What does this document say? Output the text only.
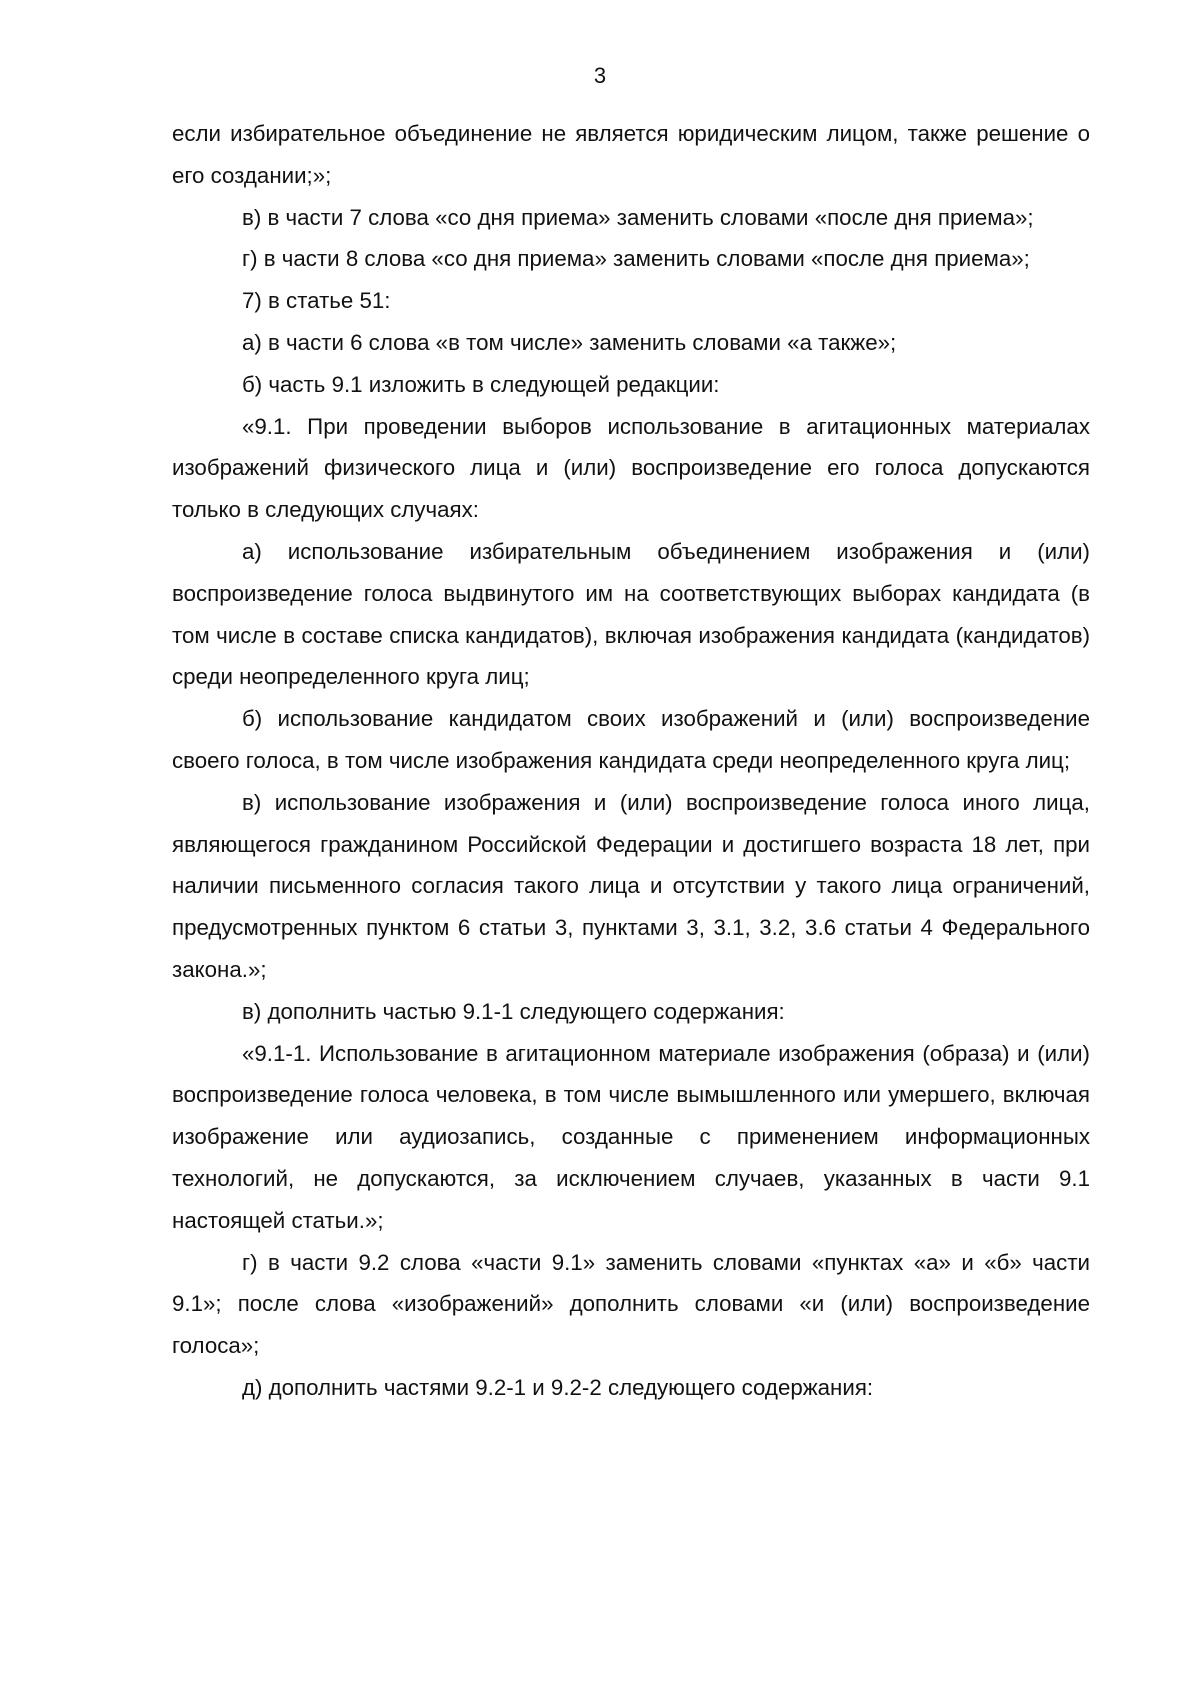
3

если избирательное объединение не является юридическим лицом, также решение о его создании;»;

в) в части 7 слова «со дня приема» заменить словами «после дня приема»;

г) в части 8 слова «со дня приема» заменить словами «после дня приема»;

7) в статье 51:

а) в части 6 слова «в том числе» заменить словами «а также»;

б) часть 9.1 изложить в следующей редакции:

«9.1. При проведении выборов использование в агитационных материалах изображений физического лица и (или) воспроизведение его голоса допускаются только в следующих случаях:

а) использование избирательным объединением изображения и (или) воспроизведение голоса выдвинутого им на соответствующих выборах кандидата (в том числе в составе списка кандидатов), включая изображения кандидата (кандидатов) среди неопределенного круга лиц;

б) использование кандидатом своих изображений и (или) воспроизведение своего голоса, в том числе изображения кандидата среди неопределенного круга лиц;

в) использование изображения и (или) воспроизведение голоса иного лица, являющегося гражданином Российской Федерации и достигшего возраста 18 лет, при наличии письменного согласия такого лица и отсутствии у такого лица ограничений, предусмотренных пунктом 6 статьи 3, пунктами 3, 3.1, 3.2, 3.6 статьи 4 Федерального закона.»;

в) дополнить частью 9.1-1 следующего содержания:

«9.1-1. Использование в агитационном материале изображения (образа) и (или) воспроизведение голоса человека, в том числе вымышленного или умершего, включая изображение или аудиозапись, созданные с применением информационных технологий, не допускаются, за исключением случаев, указанных в части 9.1 настоящей статьи.»;

г) в части 9.2 слова «части 9.1» заменить словами «пунктах «а» и «б» части 9.1»; после слова «изображений» дополнить словами «и (или) воспроизведение голоса»;

д) дополнить частями 9.2-1 и 9.2-2 следующего содержания:
